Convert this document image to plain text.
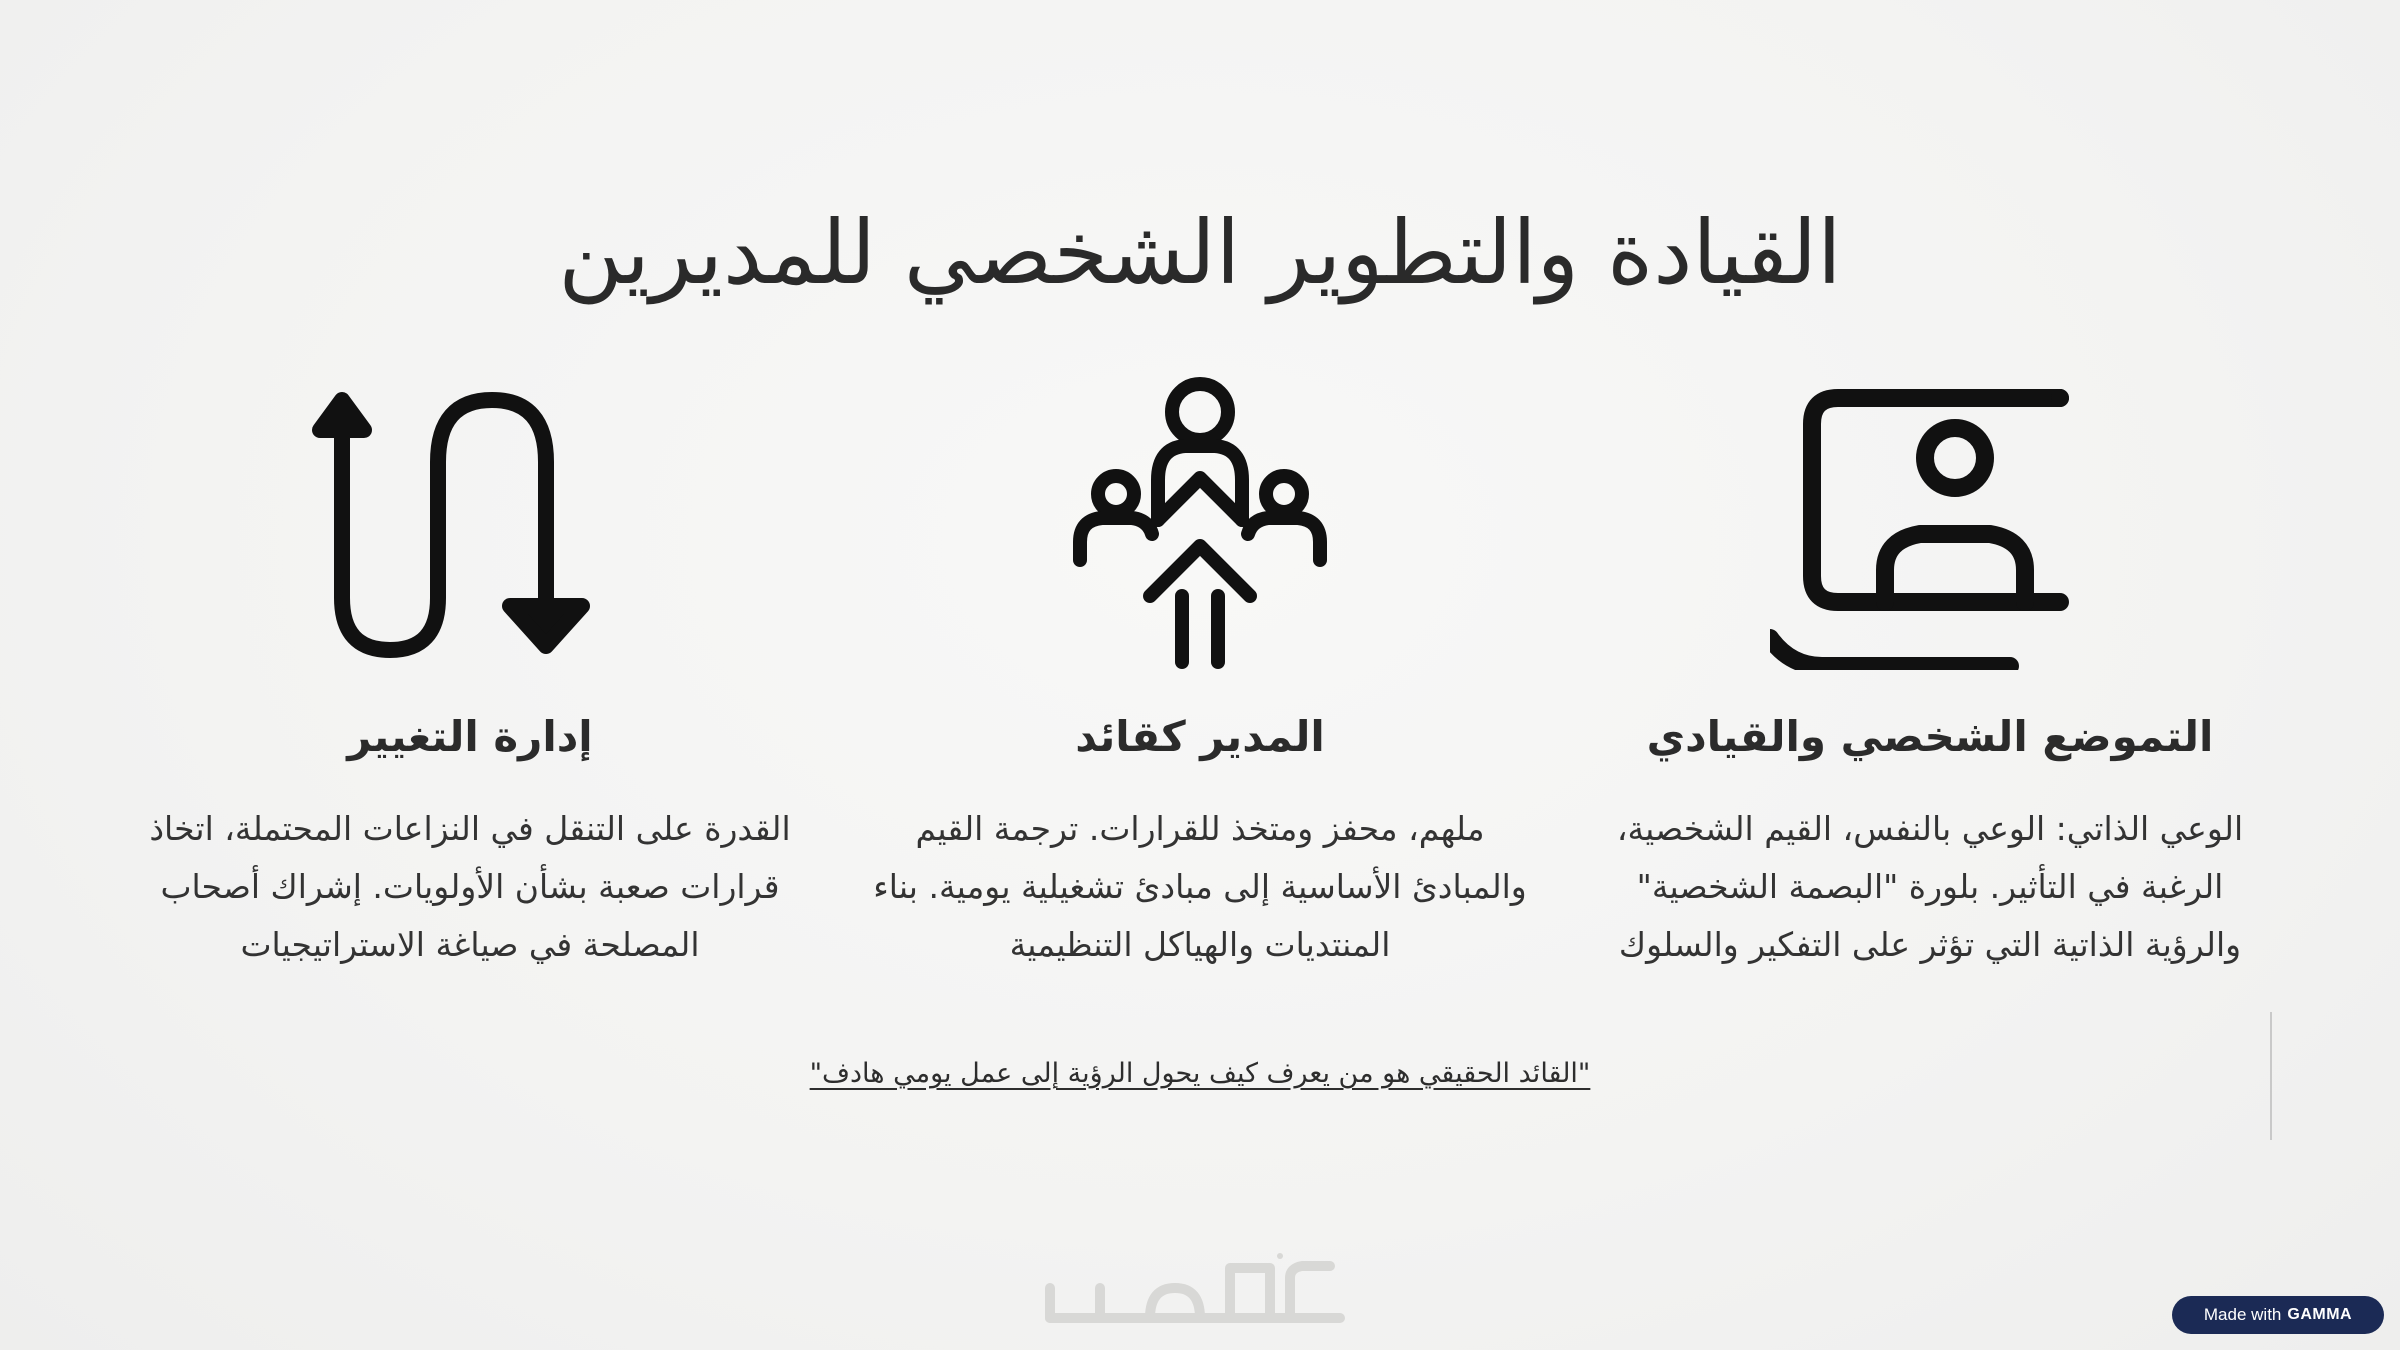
القيادة والتطوير الشخصي للمديرين
التموضع الشخصي والقيادي

الوعي الذاتي: الوعي بالنفس، القيم الشخصية، الرغبة في التأثير. بلورة "البصمة الشخصية" والرؤية الذاتية التي تؤثر على التفكير والسلوك

المدير كقائد

ملهم، محفز ومتخذ للقرارات. ترجمة القيم والمبادئ الأساسية إلى مبادئ تشغيلية يومية. بناء المنتديات والهياكل التنظيمية

إدارة التغيير

القدرة على التنقل في النزاعات المحتملة، اتخاذ قرارات صعبة بشأن الأولويات. إشراك أصحاب المصلحة في صياغة الاستراتيجيات

"القائد الحقيقي هو من يعرف كيف يحول الرؤية إلى عمل يومي هادف"
Made with GAMMA
